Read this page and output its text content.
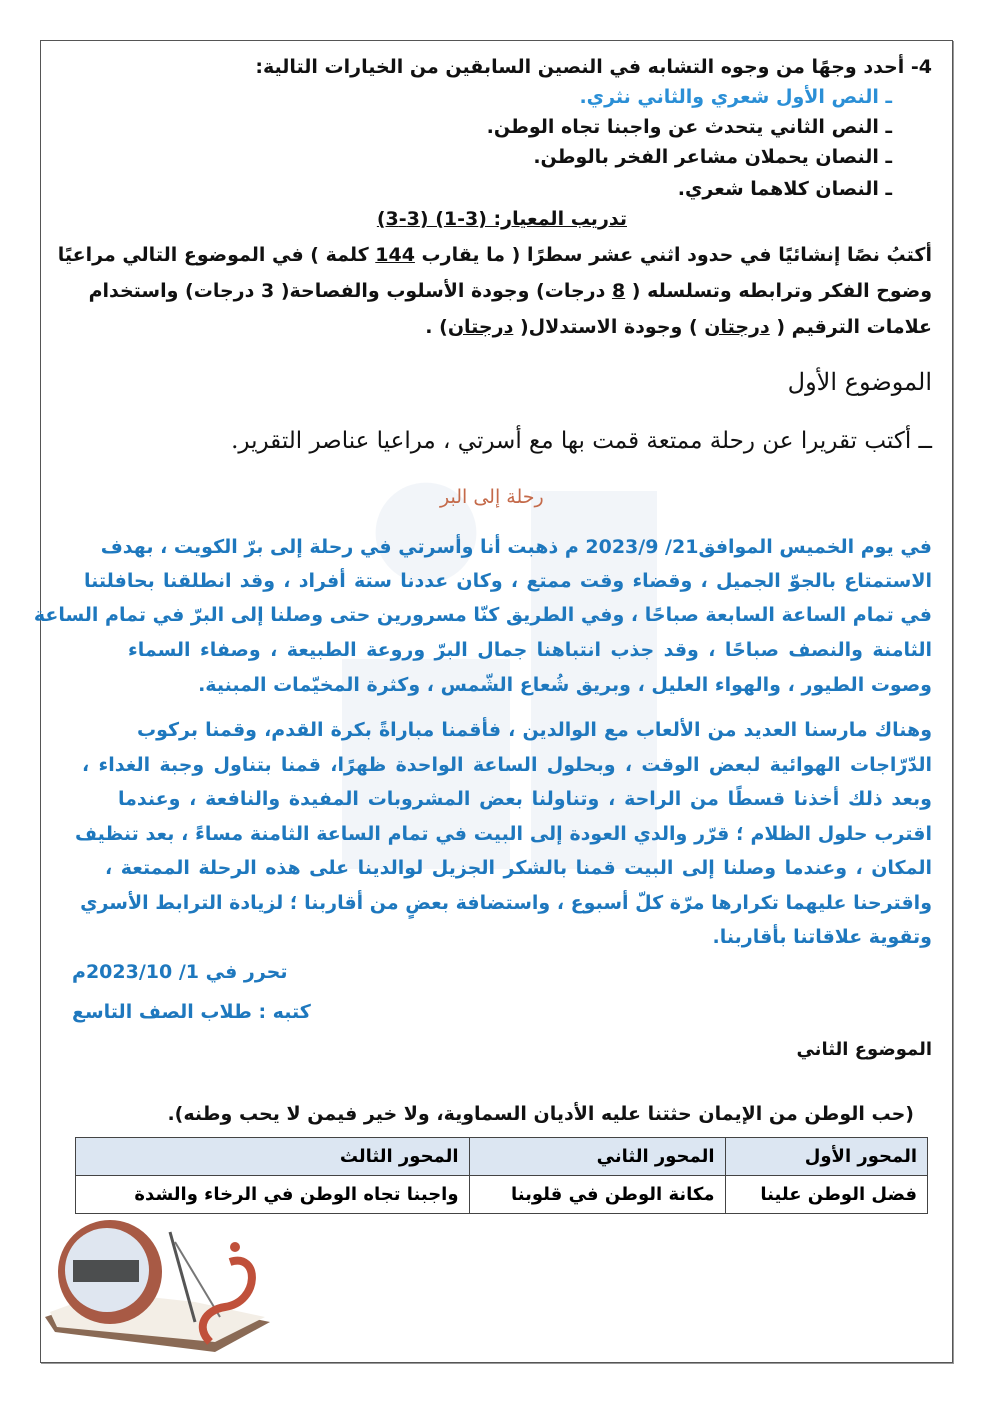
4- أحدد وجهًا من وجوه التشابه في النصين السابقين من الخيارات التالية:
ـ النص الأول شعري والثاني نثري.
ـ النص الثاني يتحدث عن واجبنا تجاه الوطن.
ـ النصان يحملان مشاعر الفخر بالوطن.
ـ النصان كلاهما شعري.
تدريب المعيار: (3-1) (3-3)
أكتبُ نصًا إنشائيًا في حدود اثني عشر سطرًا ( ما يقارب 144 كلمة ) في الموضوع التالي مراعيًا
وضوح الفكر وترابطه وتسلسله ( 8 درجات) وجودة الأسلوب والفصاحة( 3 درجات) واستخدام
علامات الترقيم ( درجتان ) وجودة الاستدلال( درجتان) .
الموضوع الأول
ــ أكتب تقريرا عن رحلة ممتعة قمت بها مع أسرتي ، مراعيا عناصر التقرير.
رحلة إلى البر
في يوم الخميس الموافق21/ 2023/9 م ذهبت أنا وأسرتي في رحلة إلى برّ الكويت ، بهدف
الاستمتاع بالجوّ الجميل ، وقضاء وقت ممتع ، وكان عددنا ستة أفراد ، وقد انطلقنا بحافلتنا
في تمام الساعة السابعة صباحًا ، وفي الطريق كنّا مسرورين حتى وصلنا إلى البرّ في تمام الساعة
الثامنة والنصف صباحًا ، وقد جذب انتباهنا جمال البرّ وروعة الطبيعة ، وصفاء السماء
وصوت الطيور ، والهواء العليل ، وبريق شُعاع الشّمس ، وكثرة المخيّمات المبنية.
وهناك مارسنا العديد من الألعاب مع الوالدين ، فأقمنا مباراةً بكرة القدم، وقمنا بركوب
الدّرّاجات الهوائية لبعض الوقت ، وبحلول الساعة الواحدة ظهرًا، قمنا بتناول وجبة الغداء ،
وبعد ذلك أخذنا قسطًا من الراحة ، وتناولنا بعض المشروبات المفيدة والنافعة ، وعندما
اقترب حلول الظلام ؛ قرّر والدي العودة إلى البيت في تمام الساعة الثامنة مساءً ، بعد تنظيف
المكان ، وعندما وصلنا إلى البيت قمنا بالشكر الجزيل لوالدينا على هذه الرحلة الممتعة ،
واقترحنا عليهما تكرارها مرّة كلّ أسبوع ، واستضافة بعضٍ من أقاربنا ؛ لزيادة الترابط الأسري
وتقوية علاقاتنا بأقاربنا.
تحرر في 1/ 2023/10م
كتبه : طلاب الصف التاسع
الموضوع الثاني
(حب الوطن من الإيمان حثتنا عليه الأديان السماوية، ولا خير فيمن لا يحب وطنه).
المحور الأول	المحور الثاني	المحور الثالث
فضل الوطن علينا	مكانة الوطن في قلوبنا	واجبنا تجاه الوطن في الرخاء والشدة
